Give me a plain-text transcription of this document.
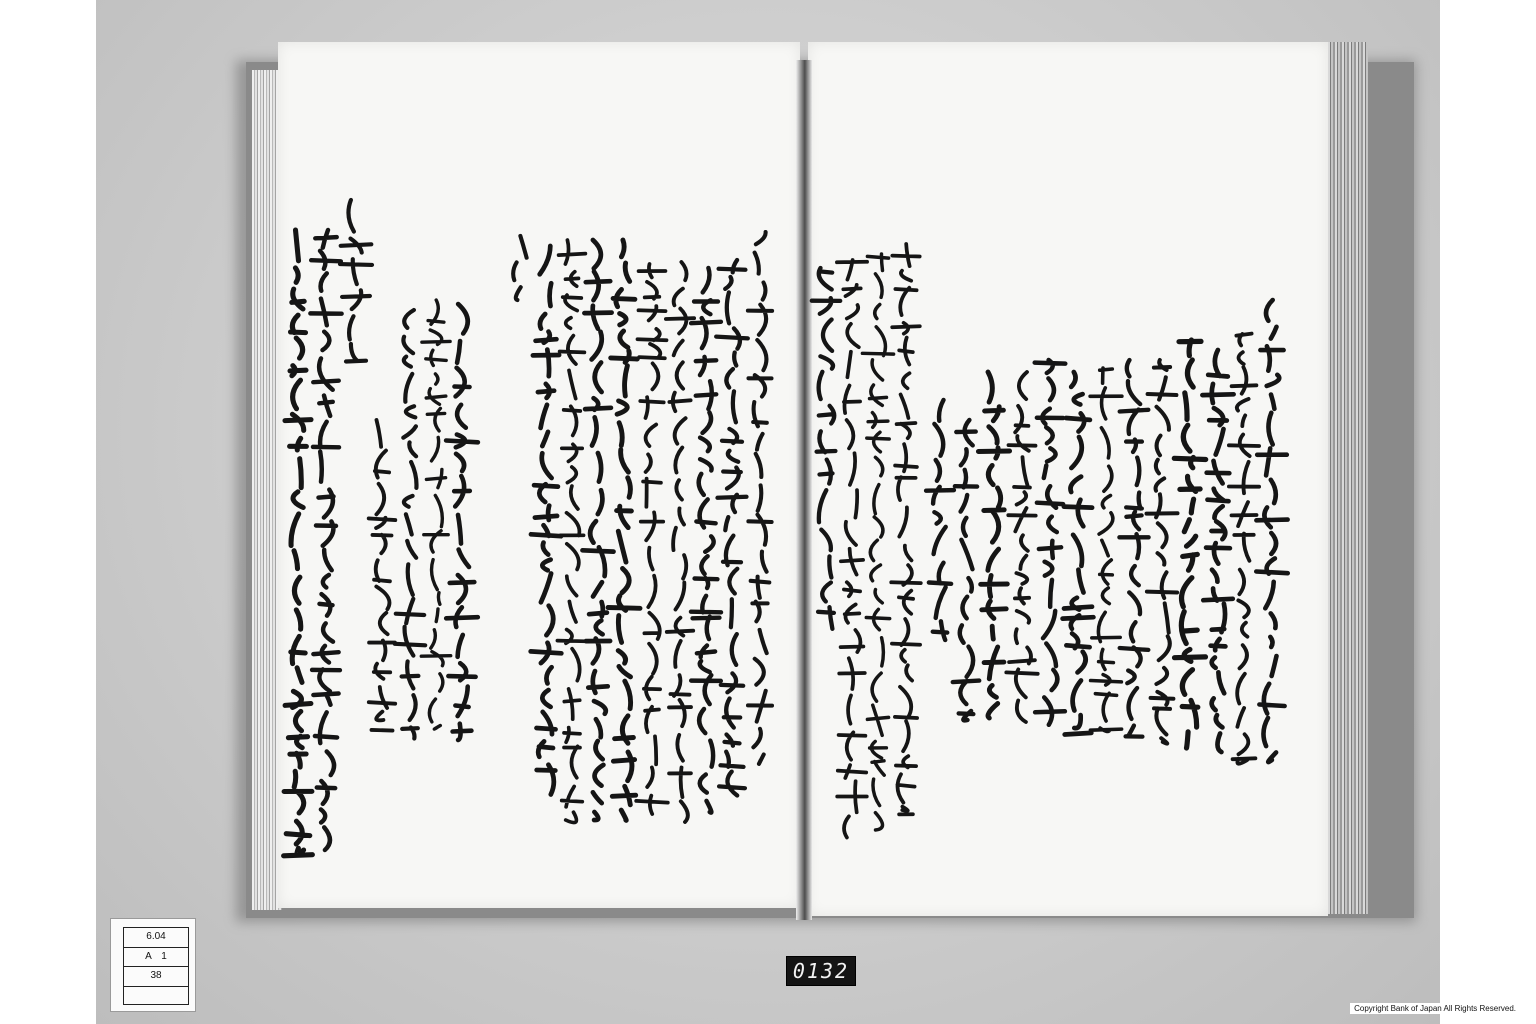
6.04
A　1
38	0132
Copyright Bank of Japan All Rights Reserved.
